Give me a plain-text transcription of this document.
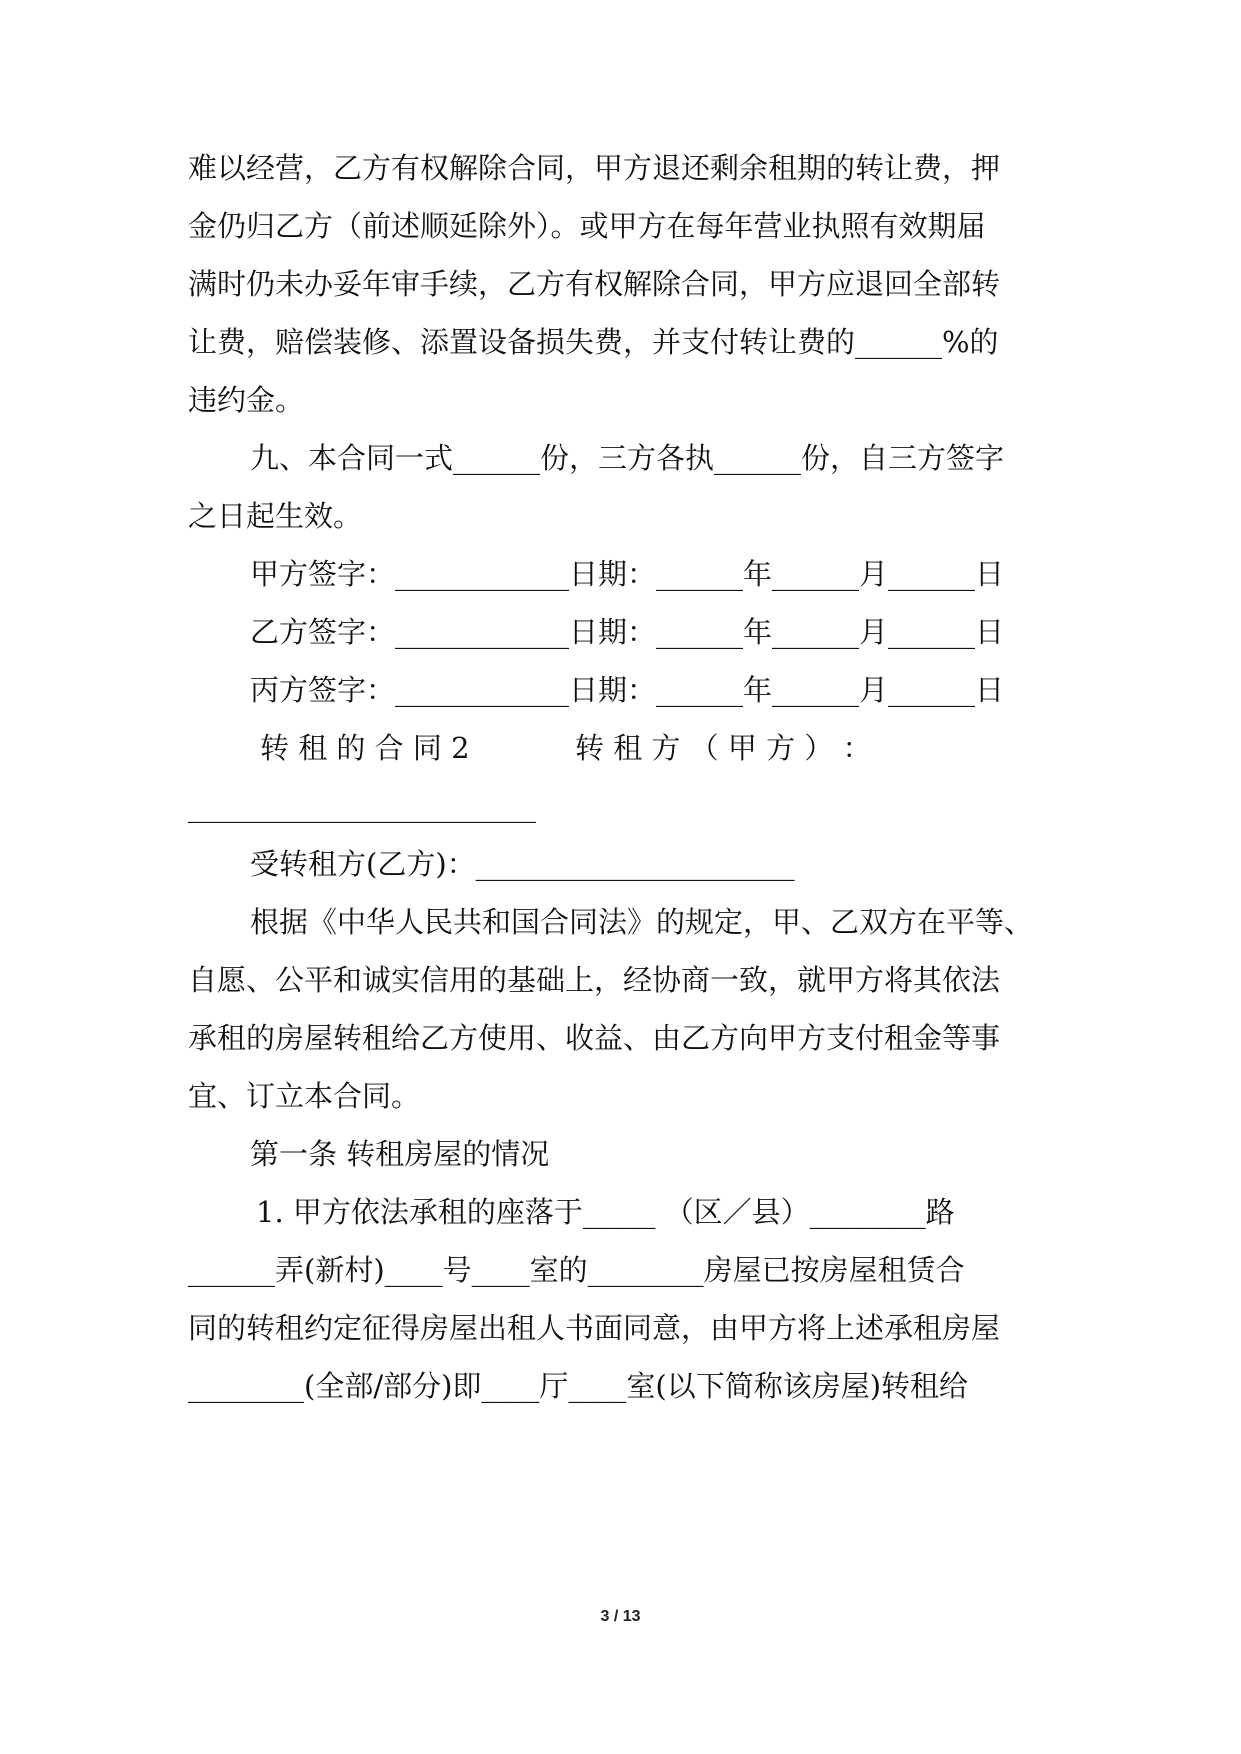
难以经营，乙方有权解除合同，甲方退还剩余租期的转让费，押
金仍归乙方（前述顺延除外）。或甲方在每年营业执照有效期届
满时仍未办妥年审手续，乙方有权解除合同，甲方应退回全部转
让费，赔偿装修、添置设备损失费，并支付转让费的______%的
违约金。
九、本合同一式______份，三方各执______份，自三方签字
之日起生效。
甲方签字：____________日期：______年______月______日
乙方签字：____________日期：______年______月______日
丙方签字：____________日期：______年______月______日
转 租 的 合 同 2 　　　 转 租 方 （ 甲 方 ） ：
________________________
受转租方(乙方)：______________________
根据《中华人民共和国合同法》的规定，甲、乙双方在平等、
自愿、公平和诚实信用的基础上，经协商一致，就甲方将其依法
承租的房屋转租给乙方使用、收益、由乙方向甲方支付租金等事
宜、订立本合同。
第一条 转租房屋的情况
1. 甲方依法承租的座落于_____ （区／县）________路
______弄(新村)____号____室的________房屋已按房屋租赁合
同的转租约定征得房屋出租人书面同意，由甲方将上述承租房屋
________(全部/部分)即____厅____室(以下简称该房屋)转租给
3 / 13
